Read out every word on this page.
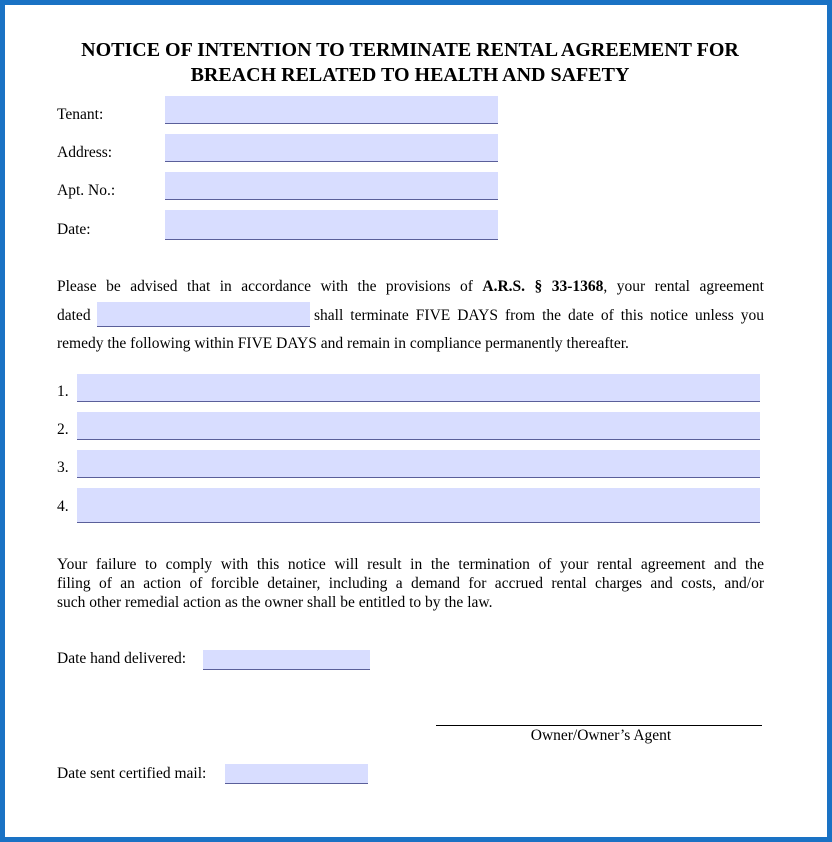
NOTICE OF INTENTION TO TERMINATE RENTAL AGREEMENT FOR
BREACH RELATED TO HEALTH AND SAFETY
Tenant:
Address:
Apt. No.:
Date:
Please be advised that in accordance with the provisions of A.R.S. § 33-1368, your rental agreement
dated	shall terminate FIVE DAYS from the date of this notice unless you
remedy the following within FIVE DAYS and remain in compliance permanently thereafter.
1.
2.
3.
4.
Your failure to comply with this notice will result in the termination of your rental agreement and the
filing of an action of forcible detainer, including a demand for accrued rental charges and costs, and/or
such other remedial action as the owner shall be entitled to by the law.
Date hand delivered:
Owner/Owner’s Agent
Date sent certified mail:
